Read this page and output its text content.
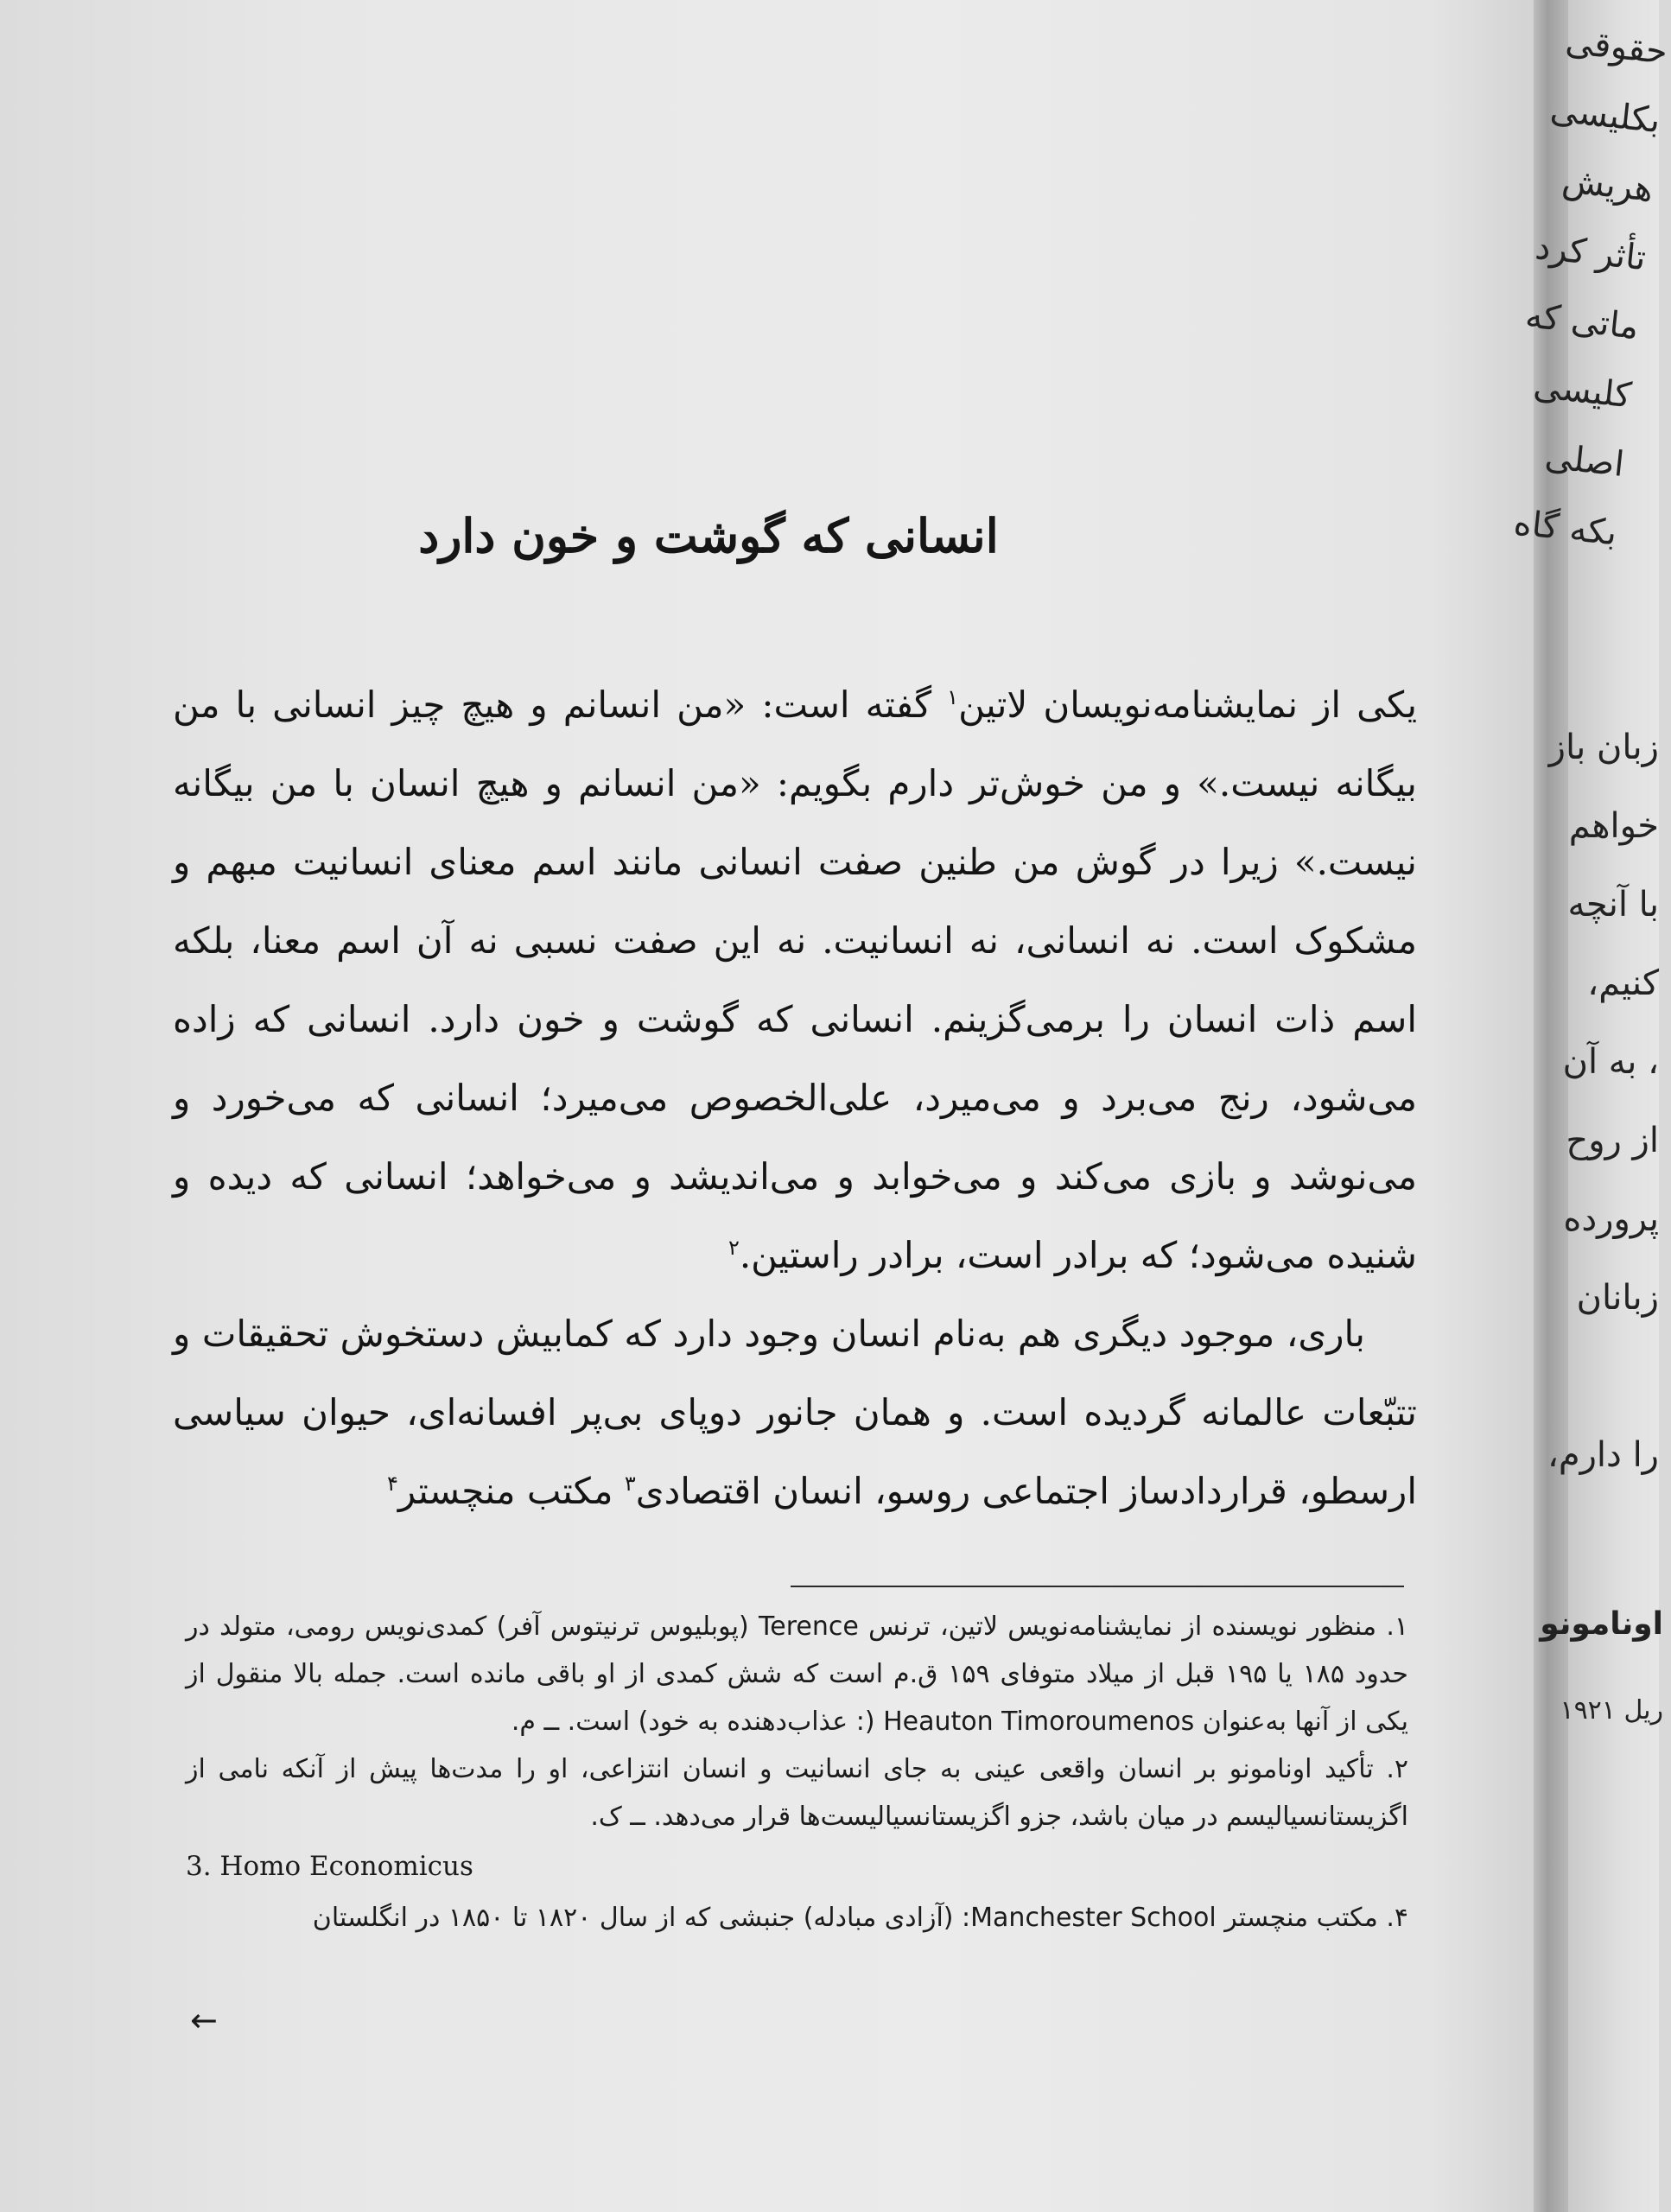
‏‌ ‌ ‌
انسانی که گوشت و خون دارد

یکی از نمایشنامه‌نویسان لاتین$^۱$ گفته است: «من انسانم و هیچ چیز انسانی با من بیگانه نیست.» و من خوش‌تر دارم بگویم: «من انسانم و هیچ انسان با من بیگانه نیست.» زیرا در گوش من طنین صفت انسانی مانند اسم معنای انسانیت مبهم و مشکوک است. نه انسانی، نه انسانیت. نه این صفت نسبی نه آن اسم معنا، بلکه اسم ذات انسان را برمی‌گزینم. انسانی که گوشت و خون دارد. انسانی که زاده می‌شود، رنج می‌برد و می‌میرد، علی‌الخصوص می‌میرد؛ انسانی که می‌خورد و می‌نوشد و بازی می‌کند و می‌خوابد و می‌اندیشد و می‌خواهد؛ انسانی که دیده و شنیده می‌شود؛ که برادر است، برادر راستین.$^۲$

باری، موجود دیگری هم به‌نام انسان وجود دارد که کمابیش دستخوش تحقیقات و تتبّعات عالمانه گردیده است. و همان جانور دوپای بی‌پر افسانه‌ای، حیوان سیاسی ارسطو، قراردادساز اجتماعی روسو، انسان اقتصادی$^۳$ مکتب منچستر$^۴$

۱. منظور نویسنده از نمایشنامه‌نویس لاتین، ترنس Terence (پوبلیوس ترنیتوس آفر) کمدی‌نویس رومی، متولد در حدود ۱۸۵ یا ۱۹۵ قبل از میلاد متوفای ۱۵۹ ق.م است که شش کمدی از او باقی مانده است. جمله بالا منقول از یکی از آنها به‌عنوان Heauton Timoroumenos (: عذاب‌دهنده به خود) است. ــ م.

۲. تأکید اونامونو بر انسان واقعی عینی به جای انسانیت و انسان انتزاعی، او را مدت‌ها پیش از آنکه نامی از اگزیستانسیالیسم در میان باشد، جزو اگزیستانسیالیست‌ها قرار می‌دهد. ــ ک.

3. Homo Economicus

۴. مکتب منچستر Manchester School: (آزادی مبادله) جنبشی که از سال ۱۸۲۰ تا ۱۸۵۰ در انگلستان

←
حقوقی
بکلیسی
هریش
تأثر کرد
ماتی که
کلیسی
اصلی
بکه گاه
زبان باز
خواهم
با آنچه
کنیم،
، به آن
از روح
پرورده
زبانان

را دارم،
اونامونو
ریل ۱۹۲۱
